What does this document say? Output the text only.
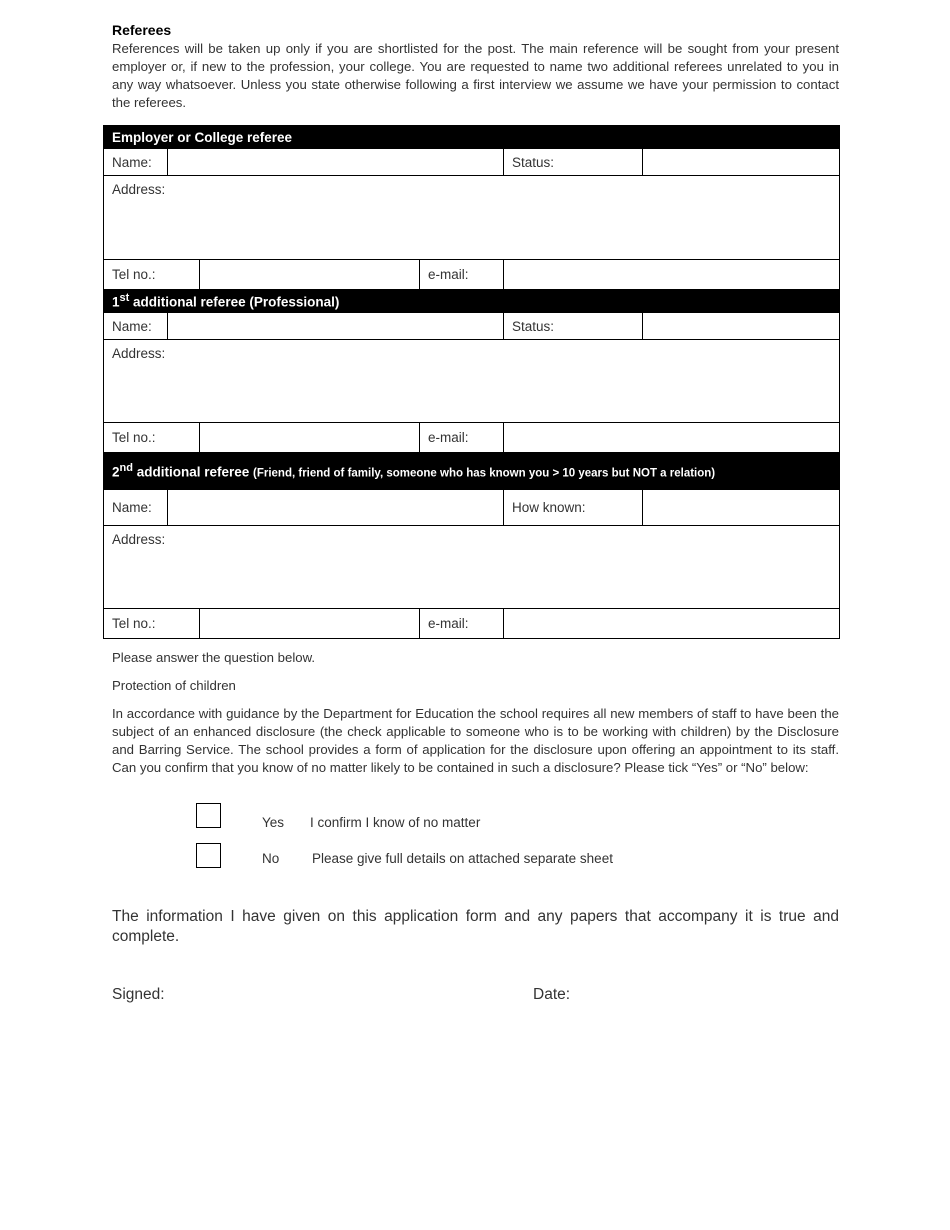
Referees
References will be taken up only if you are shortlisted for the post. The main reference will be sought from your present employer or, if new to the profession, your college. You are requested to name two additional referees unrelated to you in any way whatsoever. Unless you state otherwise following a first interview we assume we have your permission to contact the referees.
Employer or College referee					
Name:				Status:	
Address:					
Tel no.:			e-mail:		
1st additional referee (Professional)					
Name:				Status:	
Address:					
Tel no.:			e-mail:		
2nd additional referee (Friend, friend of family, someone who has known you > 10 years but NOT a relation)					
Name:				How known:	
Address:					
Tel no.:			e-mail:		
Please answer the question below.
Protection of children
In accordance with guidance by the Department for Education the school requires all new members of staff to have been the subject of an enhanced disclosure (the check applicable to someone who is to be working with children) by the Disclosure and Barring Service. The school provides a form of application for the disclosure upon offering an appointment to its staff. Can you confirm that you know of no matter likely to be contained in such a disclosure? Please tick “Yes” or “No” below:
Yes I confirm I know of no matter
No Please give full details on attached separate sheet
The information I have given on this application form and any papers that accompany it is true and complete.
Signed:	Date:
